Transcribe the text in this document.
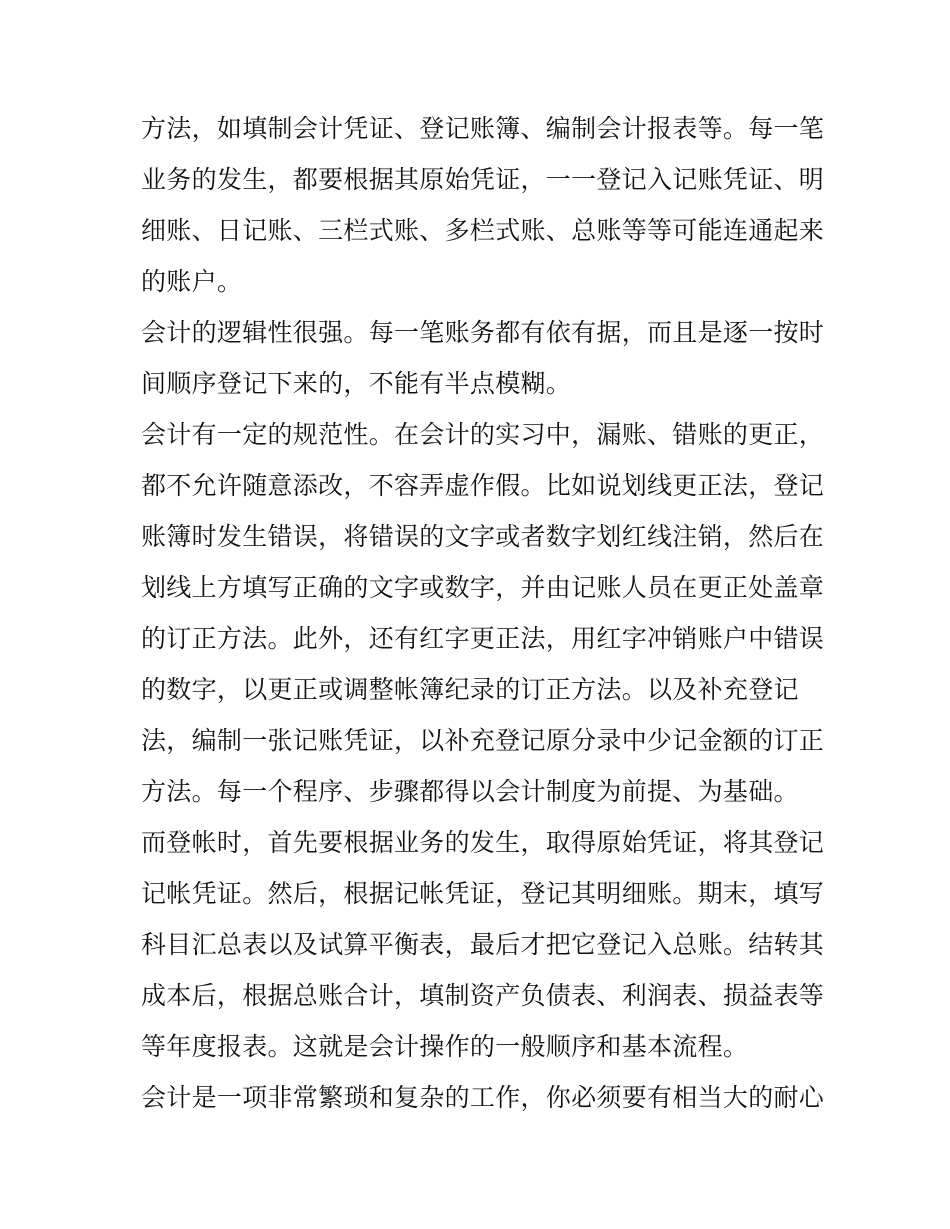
方法，如填制会计凭证、登记账簿、编制会计报表等。每一笔
业务的发生，都要根据其原始凭证，一一登记入记账凭证、明
细账、日记账、三栏式账、多栏式账、总账等等可能连通起来
的账户。
会计的逻辑性很强。每一笔账务都有依有据，而且是逐一按时
间顺序登记下来的，不能有半点模糊。
会计有一定的规范性。在会计的实习中，漏账、错账的更正，
都不允许随意添改，不容弄虚作假。比如说划线更正法，登记
账簿时发生错误，将错误的文字或者数字划红线注销，然后在
划线上方填写正确的文字或数字，并由记账人员在更正处盖章
的订正方法。此外，还有红字更正法，用红字冲销账户中错误
的数字，以更正或调整帐簿纪录的订正方法。以及补充登记
法，编制一张记账凭证，以补充登记原分录中少记金额的订正
方法。每一个程序、步骤都得以会计制度为前提、为基础。
而登帐时，首先要根据业务的发生，取得原始凭证，将其登记
记帐凭证。然后，根据记帐凭证，登记其明细账。期末，填写
科目汇总表以及试算平衡表，最后才把它登记入总账。结转其
成本后，根据总账合计，填制资产负债表、利润表、损益表等
等年度报表。这就是会计操作的一般顺序和基本流程。
会计是一项非常繁琐和复杂的工作，你必须要有相当大的耐心
